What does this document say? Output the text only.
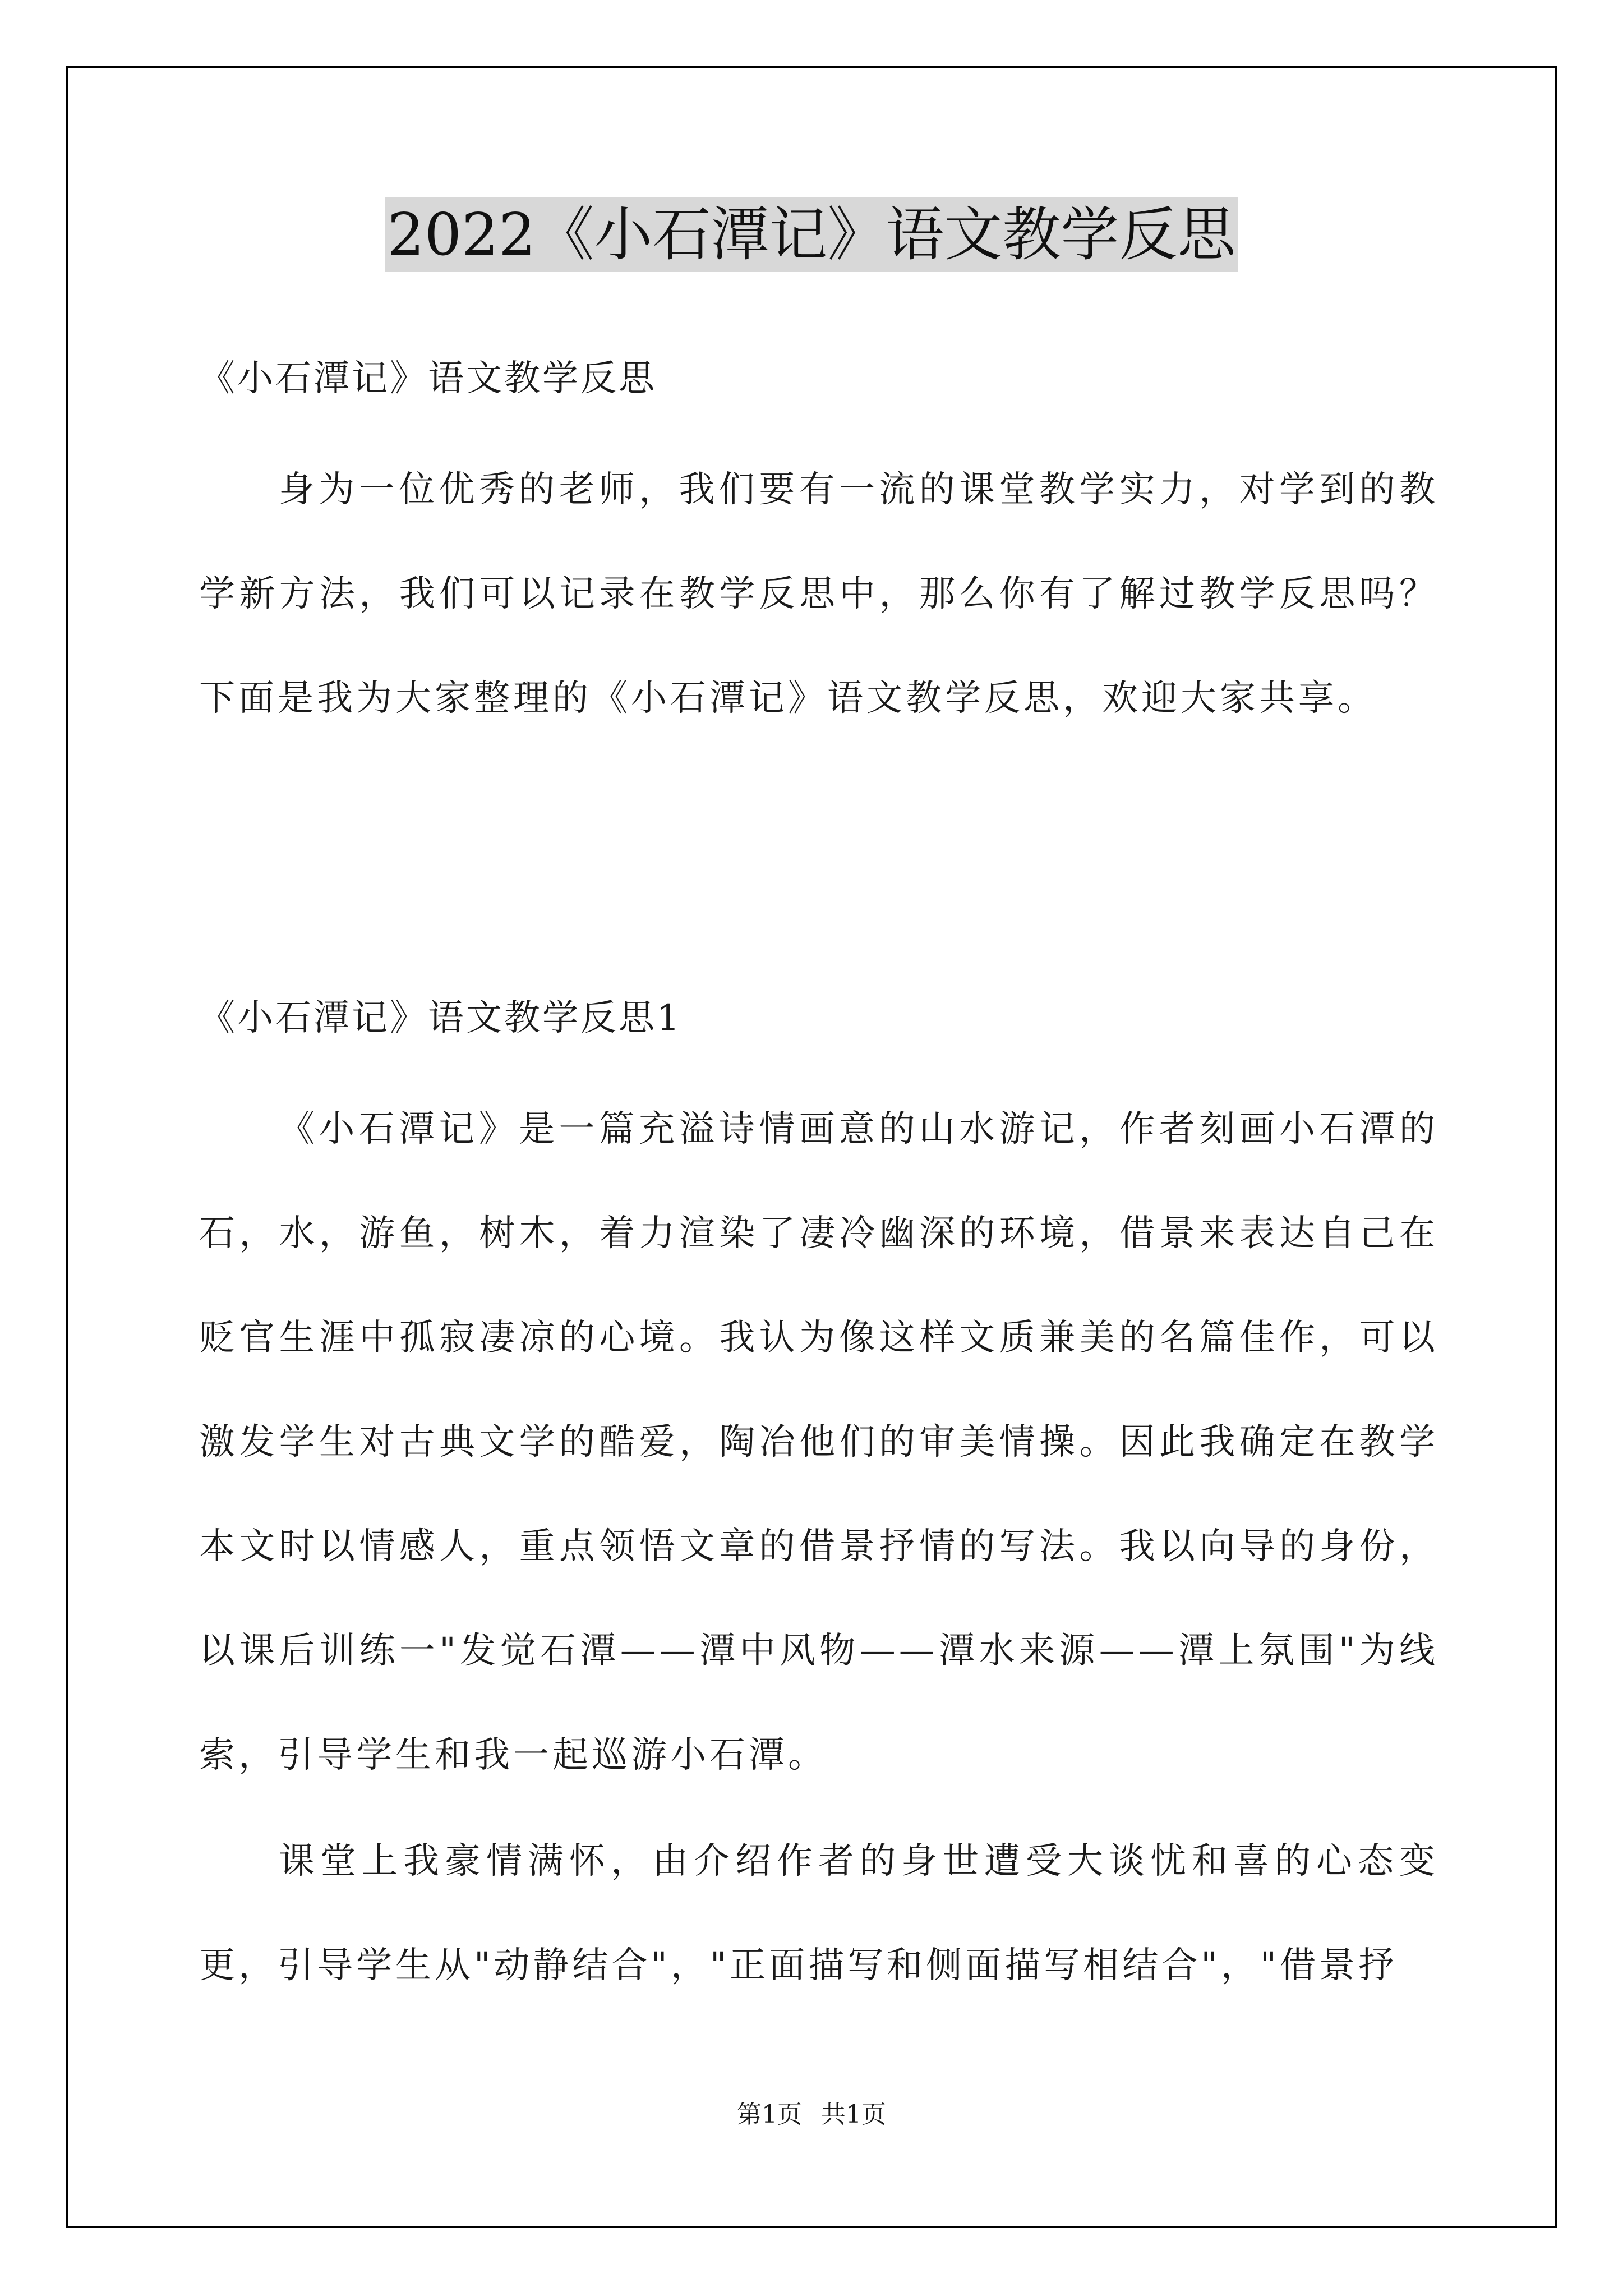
2022《小石潭记》语文教学反思
《小石潭记》语文教学反思

身为一位优秀的老师，我们要有一流的课堂教学实力，对学到的教学新方法，我们可以记录在教学反思中，那么你有了解过教学反思吗？下面是我为大家整理的《小石潭记》语文教学反思，欢迎大家共享。

《小石潭记》语文教学反思1

《小石潭记》是一篇充溢诗情画意的山水游记，作者刻画小石潭的石，水，游鱼，树木，着力渲染了凄冷幽深的环境，借景来表达自己在贬官生涯中孤寂凄凉的心境。我认为像这样文质兼美的名篇佳作，可以激发学生对古典文学的酷爱，陶冶他们的审美情操。因此我确定在教学本文时以情感人，重点领悟文章的借景抒情的写法。我以向导的身份，以课后训练一"发觉石潭——潭中风物——潭水来源——潭上氛围"为线索，引导学生和我一起巡游小石潭。

课堂上我豪情满怀，由介绍作者的身世遭受大谈忧和喜的心态变更，引导学生从"动静结合"，"正面描写和侧面描写相结合"，"借景抒

第1页 共1页
